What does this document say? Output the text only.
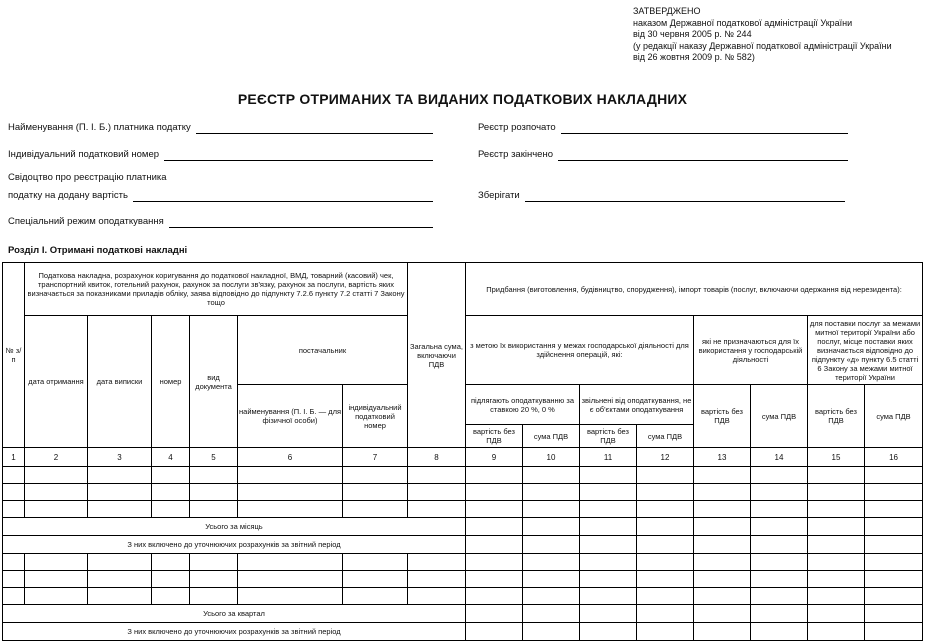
ЗАТВЕРДЖЕНО
наказом Державної податкової адміністрації України
від 30 червня 2005 р. № 244
(у редакції наказу Державної податкової адміністрації України
від 26 жовтня 2009 р. № 582)
РЕЄСТР ОТРИМАНИХ ТА ВИДАНИХ ПОДАТКОВИХ НАКЛАДНИХ
Найменування (П. І. Б.) платника податку
Індивідуальний податковий номер
Свідоцтво про реєстрацію платника
податку на додану вартість
Спеціальний режим оподаткування
Реєстр розпочато
Реєстр закінчено
Зберігати
Розділ І. Отримані податкові накладні
№ з/п	Податкова накладна, розрахунок коригування до податкової накладної, ВМД, товарний (касовий) чек, транспортний квиток, готельний рахунок, рахунок за послуги зв'язку, рахунок за послуги, вартість яких визначається за показниками приладів обліку, заява відповідно до підпункту 7.2.6 пункту 7.2 статті 7 Закону тощо						Загальна сума, включаючи ПДВ	Придбання (виготовлення, будівництво, спорудження), імпорт товарів (послуг, включаючи одержання від нерезидента):							
	дата отримання	дата виписки	номер	вид документа	постачальник			з метою їх використання у межах господарської діяльності для здійснення операцій, які:				які не призначаються для їх використання у господарській діяльності		для поставки послуг за межами митної території України або послуг, місце поставки яких визначається відповідно до підпункту «д» пункту 6.5 статті 6 Закону за межами митної території України	
					найменування (П. І. Б. — для фізичної особи)	індивідуальний податковий номер		підлягають оподаткуванню за ставкою 20 %, 0 %		звільнені від оподаткування, не є об'єктами оподаткування		вартість без ПДВ	сума ПДВ	вартість без ПДВ	сума ПДВ
								вартість без ПДВ	сума ПДВ	вартість без ПДВ	сума ПДВ				
1	2	3	4	5	6	7	8	9	10	11	12	13	14	15	16

Усього за місяць															
З них включено до уточнюючих розрахунків за звітний період															

Усього за квартал															
З них включено до уточнюючих розрахунків за звітний період															
